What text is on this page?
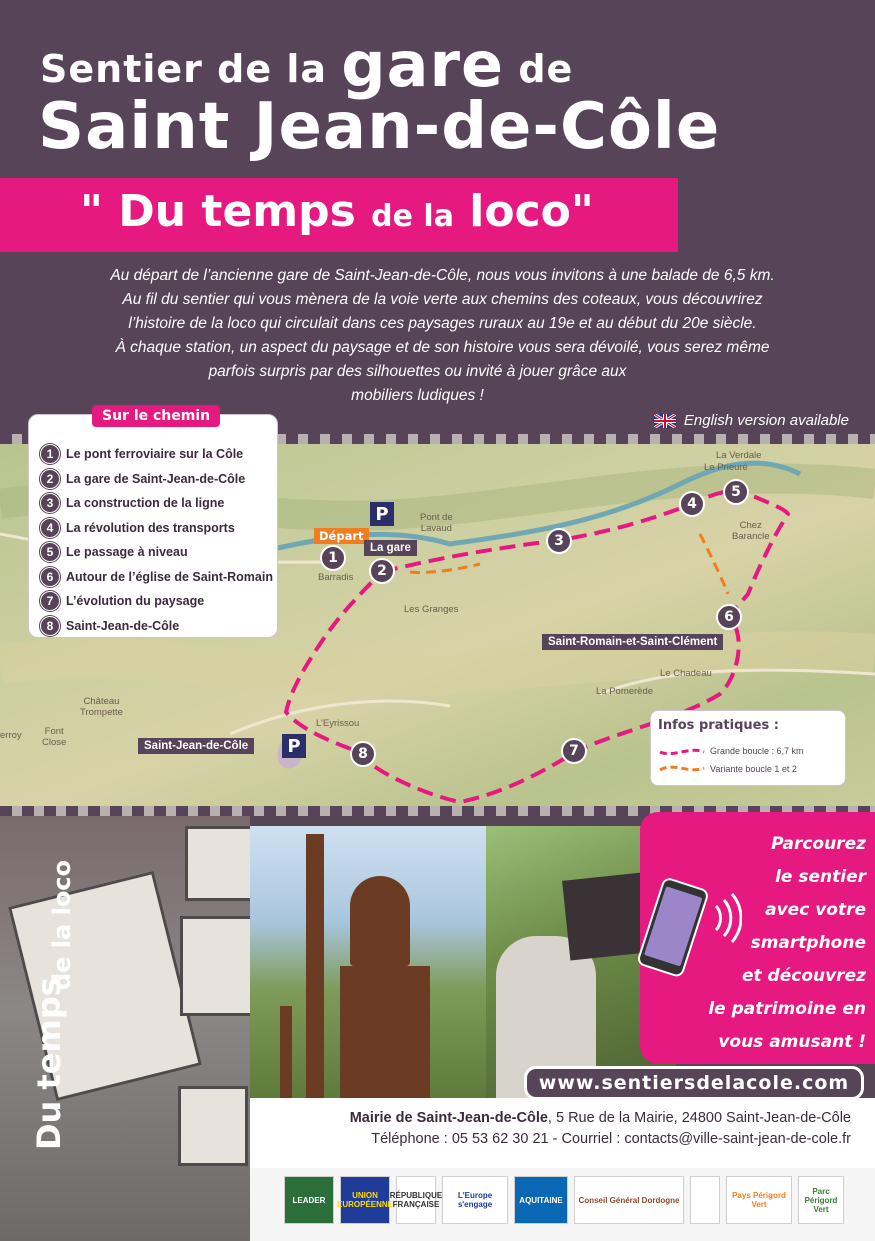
Sentier de la gare de
Saint Jean-de-Côle
" Du temps de la loco"

Au départ de l’ancienne gare de Saint-Jean-de-Côle, nous vous invitons à une balade de 6,5 km.

Au fil du sentier qui vous mènera de la voie verte aux chemins des coteaux, vous découvrirez

l’histoire de la loco qui circulait dans ces paysages ruraux au 19e et au début du 20e siècle.

À chaque station, un aspect du paysage et de son histoire vous sera dévoilé, vous serez même

parfois surpris par des silhouettes ou invité à jouer grâce aux

mobiliers ludiques !

English version available
Pont de
Lavaud
Barradis
Les Granges
Château
Trompette
Font
Close
erroy
L’Eyrissou
Chez
Barancle
Le Chadeau
La Pomerède
La Verdale
Le Prieuré
Départ
La gare
Saint-Romain-et-Saint-Clément
Saint-Jean-de-Côle
P
P
1
2
3
4
5
6
7
8
Sur le chemin
1	Le pont ferroviaire sur la Côle
2	La gare de Saint-Jean-de-Côle
3	La construction de la ligne
4	La révolution des transports
5	Le passage à niveau
6	Autour de l’église de Saint-Romain
7	L’évolution du paysage
8	Saint-Jean-de-Côle
Infos pratiques :
Grande boucle : 6,7 km
Variante boucle 1 et 2
Du temps
de la loco
Parcourez
le sentier
avec votre
smartphone
et découvrez
le patrimoine en
vous amusant !
www.sentiersdelacole.com
Mairie de Saint-Jean-de-Côle, 5 Rue de la Mairie, 24800 Saint-Jean-de-Côle
Téléphone : 05 53 62 30 21 - Courriel : contacts@ville-saint-jean-de-cole.fr
LEADER	UNION EUROPÉENNE
RÉPUBLIQUE FRANÇAISE
L'Europe s'engage	AQUITAINE	Conseil Général Dordogne	Pays Périgord Vert
Parc Périgord Vert
